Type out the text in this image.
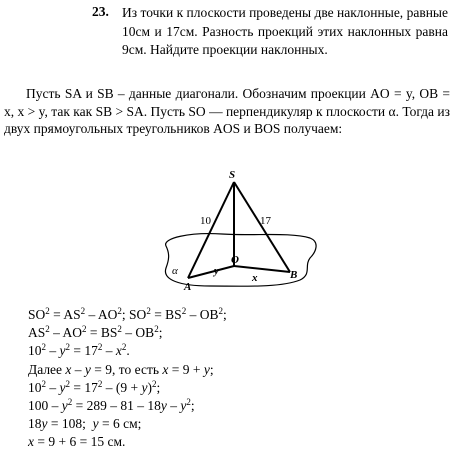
23. Из точки к плоскости проведены две наклонные, равные 10см и 17см. Разность проекций этих наклонных равна 9см. Найдите проекции наклонных.
Пусть SA и SB – данные диагонали. Обозначим проекции AO = y, OB = x, x > y, так как SB > SA. Пусть SO — перпендикуляр к плоскости α. Тогда из двух прямоугольных треугольников AOS и BOS получаем:
S
10	17
O
α	y
x
A
B
$SO^2 = AS^2 - AO^2$; $SO^2 = BS^2 - OB^2$;
$AS^2 - AO^2 = BS^2 - OB^2$;
$10^2 - y^2 = 17^2 - x^2$.
Далее x – y = 9, то есть x = 9 + y;
$10^2 - y^2 = 17^2 - (9 + y)^2$;
$100 - y^2 = 289 - 81 - 18y - y^2$;
18y = 108;  y = 6 см;
x = 9 + 6 = 15 см.
